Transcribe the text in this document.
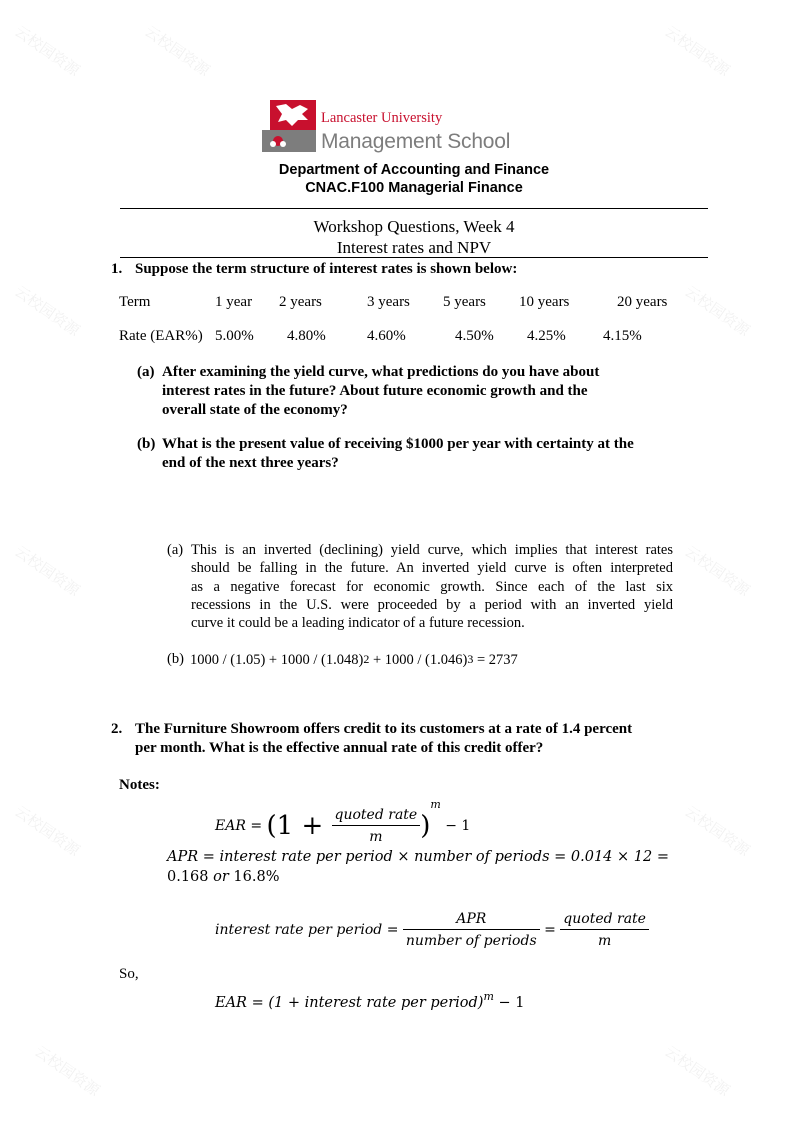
云校园资源	云校园资源	云校园资源
云校园资源	云校园资源
云校园资源	云校园资源
云校园资源	云校园资源
云校园资源	云校园资源
Lancaster University
Management School
Department of Accounting and Finance
CNAC.F100 Managerial Finance
Workshop Questions, Week 4
Interest rates and NPV
1. Suppose the term structure of interest rates is shown below:
Term	1 year 2 years	3 years 5 years 10 years	20 years
Rate (EAR%) 5.00% 4.80%	4.60%	4.50% 4.25% 4.15%
(a) After examining the yield curve, what predictions do you have about
interest rates in the future? About future economic growth and the
overall state of the economy?
(b) What is the present value of receiving $1000 per year with certainty at the
end of the next three years?
(a) This is an inverted (declining) yield curve, which implies that interest rates
should be falling in the future. An inverted yield curve is often interpreted
as a negative forecast for economic growth. Since each of the last six
recessions in the U.S. were proceeded by a period with an inverted yield
curve it could be a leading indicator of a future recession.
(b) 1000 / (1.05) + 1000 / (1.048)2 + 1000 / (1.046)3 = 2737
2. The Furniture Showroom offers credit to its customers at a rate of 1.4 percent
per month. What is the effective annual rate of this credit offer?
Notes:
EAR = $(1 + \frac{\text{quoted rate}}{m} )^m - 1$
APR = interest rate per period × number of periods = 0.014 × 12 =
0.168 or 16.8%
interest rate per period = $\frac{\text{APR}}{\text{number of periods}} = \frac{\text{quoted rate}}{m}$
So,
EAR = (1 + interest rate per period)$^m$ − 1
